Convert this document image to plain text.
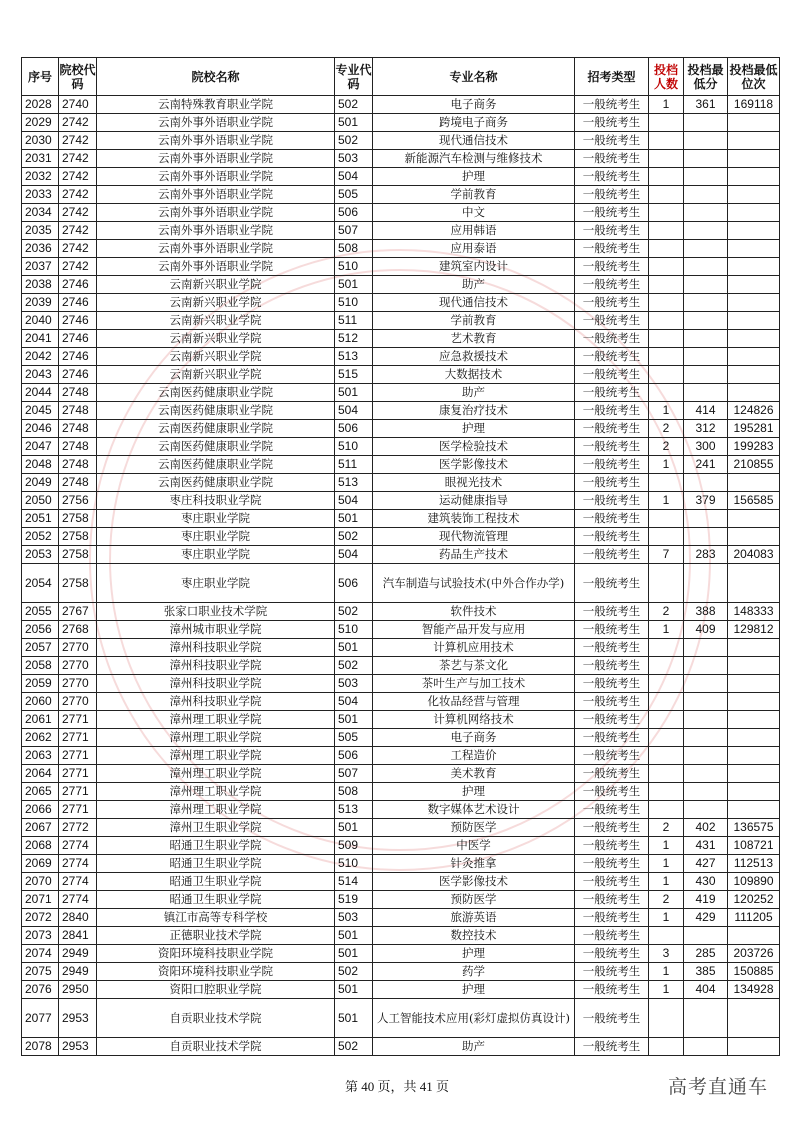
序号	院校代码	院校名称	专业代码	专业名称	招考类型	投档人数	投档最低分	投档最低位次
2028	2740	云南特殊教育职业学院	502	电子商务	一般统考生	1	361	169118
2029	2742	云南外事外语职业学院	501	跨境电子商务	一般统考生			
2030	2742	云南外事外语职业学院	502	现代通信技术	一般统考生			
2031	2742	云南外事外语职业学院	503	新能源汽车检测与维修技术	一般统考生			
2032	2742	云南外事外语职业学院	504	护理	一般统考生			
2033	2742	云南外事外语职业学院	505	学前教育	一般统考生			
2034	2742	云南外事外语职业学院	506	中文	一般统考生			
2035	2742	云南外事外语职业学院	507	应用韩语	一般统考生			
2036	2742	云南外事外语职业学院	508	应用泰语	一般统考生			
2037	2742	云南外事外语职业学院	510	建筑室内设计	一般统考生			
2038	2746	云南新兴职业学院	501	助产	一般统考生			
2039	2746	云南新兴职业学院	510	现代通信技术	一般统考生			
2040	2746	云南新兴职业学院	511	学前教育	一般统考生			
2041	2746	云南新兴职业学院	512	艺术教育	一般统考生			
2042	2746	云南新兴职业学院	513	应急救援技术	一般统考生			
2043	2746	云南新兴职业学院	515	大数据技术	一般统考生			
2044	2748	云南医药健康职业学院	501	助产	一般统考生			
2045	2748	云南医药健康职业学院	504	康复治疗技术	一般统考生	1	414	124826
2046	2748	云南医药健康职业学院	506	护理	一般统考生	2	312	195281
2047	2748	云南医药健康职业学院	510	医学检验技术	一般统考生	2	300	199283
2048	2748	云南医药健康职业学院	511	医学影像技术	一般统考生	1	241	210855
2049	2748	云南医药健康职业学院	513	眼视光技术	一般统考生			
2050	2756	枣庄科技职业学院	504	运动健康指导	一般统考生	1	379	156585
2051	2758	枣庄职业学院	501	建筑装饰工程技术	一般统考生			
2052	2758	枣庄职业学院	502	现代物流管理	一般统考生			
2053	2758	枣庄职业学院	504	药品生产技术	一般统考生	7	283	204083
2054	2758	枣庄职业学院	506	汽车制造与试验技术(中外合作办学)	一般统考生			
2055	2767	张家口职业技术学院	502	软件技术	一般统考生	2	388	148333
2056	2768	漳州城市职业学院	510	智能产品开发与应用	一般统考生	1	409	129812
2057	2770	漳州科技职业学院	501	计算机应用技术	一般统考生			
2058	2770	漳州科技职业学院	502	茶艺与茶文化	一般统考生			
2059	2770	漳州科技职业学院	503	茶叶生产与加工技术	一般统考生			
2060	2770	漳州科技职业学院	504	化妆品经营与管理	一般统考生			
2061	2771	漳州理工职业学院	501	计算机网络技术	一般统考生			
2062	2771	漳州理工职业学院	505	电子商务	一般统考生			
2063	2771	漳州理工职业学院	506	工程造价	一般统考生			
2064	2771	漳州理工职业学院	507	美术教育	一般统考生			
2065	2771	漳州理工职业学院	508	护理	一般统考生			
2066	2771	漳州理工职业学院	513	数字媒体艺术设计	一般统考生			
2067	2772	漳州卫生职业学院	501	预防医学	一般统考生	2	402	136575
2068	2774	昭通卫生职业学院	509	中医学	一般统考生	1	431	108721
2069	2774	昭通卫生职业学院	510	针灸推拿	一般统考生	1	427	112513
2070	2774	昭通卫生职业学院	514	医学影像技术	一般统考生	1	430	109890
2071	2774	昭通卫生职业学院	519	预防医学	一般统考生	2	419	120252
2072	2840	镇江市高等专科学校	503	旅游英语	一般统考生	1	429	111205
2073	2841	正德职业技术学院	501	数控技术	一般统考生			
2074	2949	资阳环境科技职业学院	501	护理	一般统考生	3	285	203726
2075	2949	资阳环境科技职业学院	502	药学	一般统考生	1	385	150885
2076	2950	资阳口腔职业学院	501	护理	一般统考生	1	404	134928
2077	2953	自贡职业技术学院	501	人工智能技术应用(彩灯虚拟仿真设计)	一般统考生			
2078	2953	自贡职业技术学院	502	助产	一般统考生			
第 40 页，共 41 页	高考直通车
